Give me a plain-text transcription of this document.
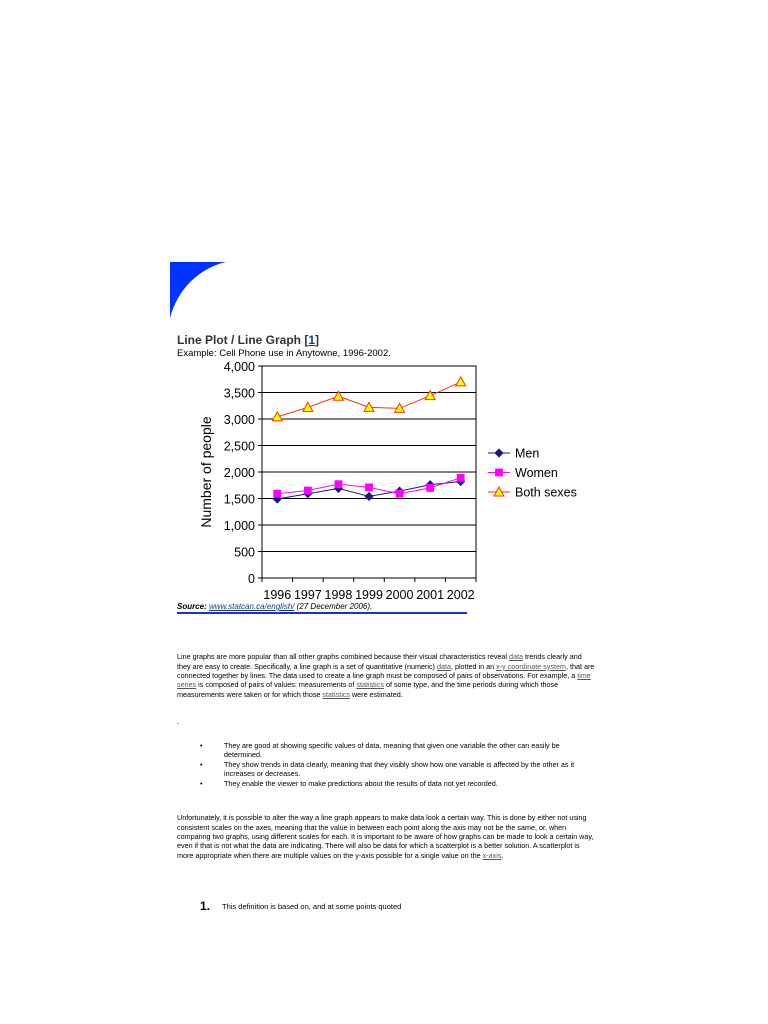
Line Plot / Line Graph [1]
Example: Cell Phone use in Anytowne, 1996-2002.
0
500
1,000
1,500
2,000
2,500
3,000
3,500
4,000
1996 1997 1998 1999 2000 2001 2002
Number of people	Men
Women
Both sexes
Source: www.statcan.ca/english/ (27 December 2006).

Line graphs are more popular than all other graphs combined because their visual characteristics reveal data trends clearly and they are easy to create. Specifically, a line graph is a set of quantitative (numeric) data, plotted in an x-y coordinate system, that are connected together by lines. The data used to create a line graph must be composed of pairs of observations. For example, a time series is composed of pairs of values: measurements of statistics of some type, and the time periods during which those measurements were taken or for which those statistics were estimated.

.
• They are good at showing specific values of data, meaning that given one variable the other can easily be determined.
• They show trends in data clearly, meaning that they visibly show how one variable is affected by the other as it increases or decreases.
• They enable the viewer to make predictions about the results of data not yet recorded.

Unfortunately, it is possible to alter the way a line graph appears to make data look a certain way. This is done by either not using consistent scales on the axes, meaning that the value in between each point along the axis may not be the same, or, when comparing two graphs, using different scales for each. It is important to be aware of how graphs can be made to look a certain way, even if that is not what the data are indicating. There will also be data for which a scatterplot is a better solution. A scatterplot is more appropriate when there are multiple values on the y-axis possible for a single value on the x-axis.

1. This definition is based on, and at some points quoted
